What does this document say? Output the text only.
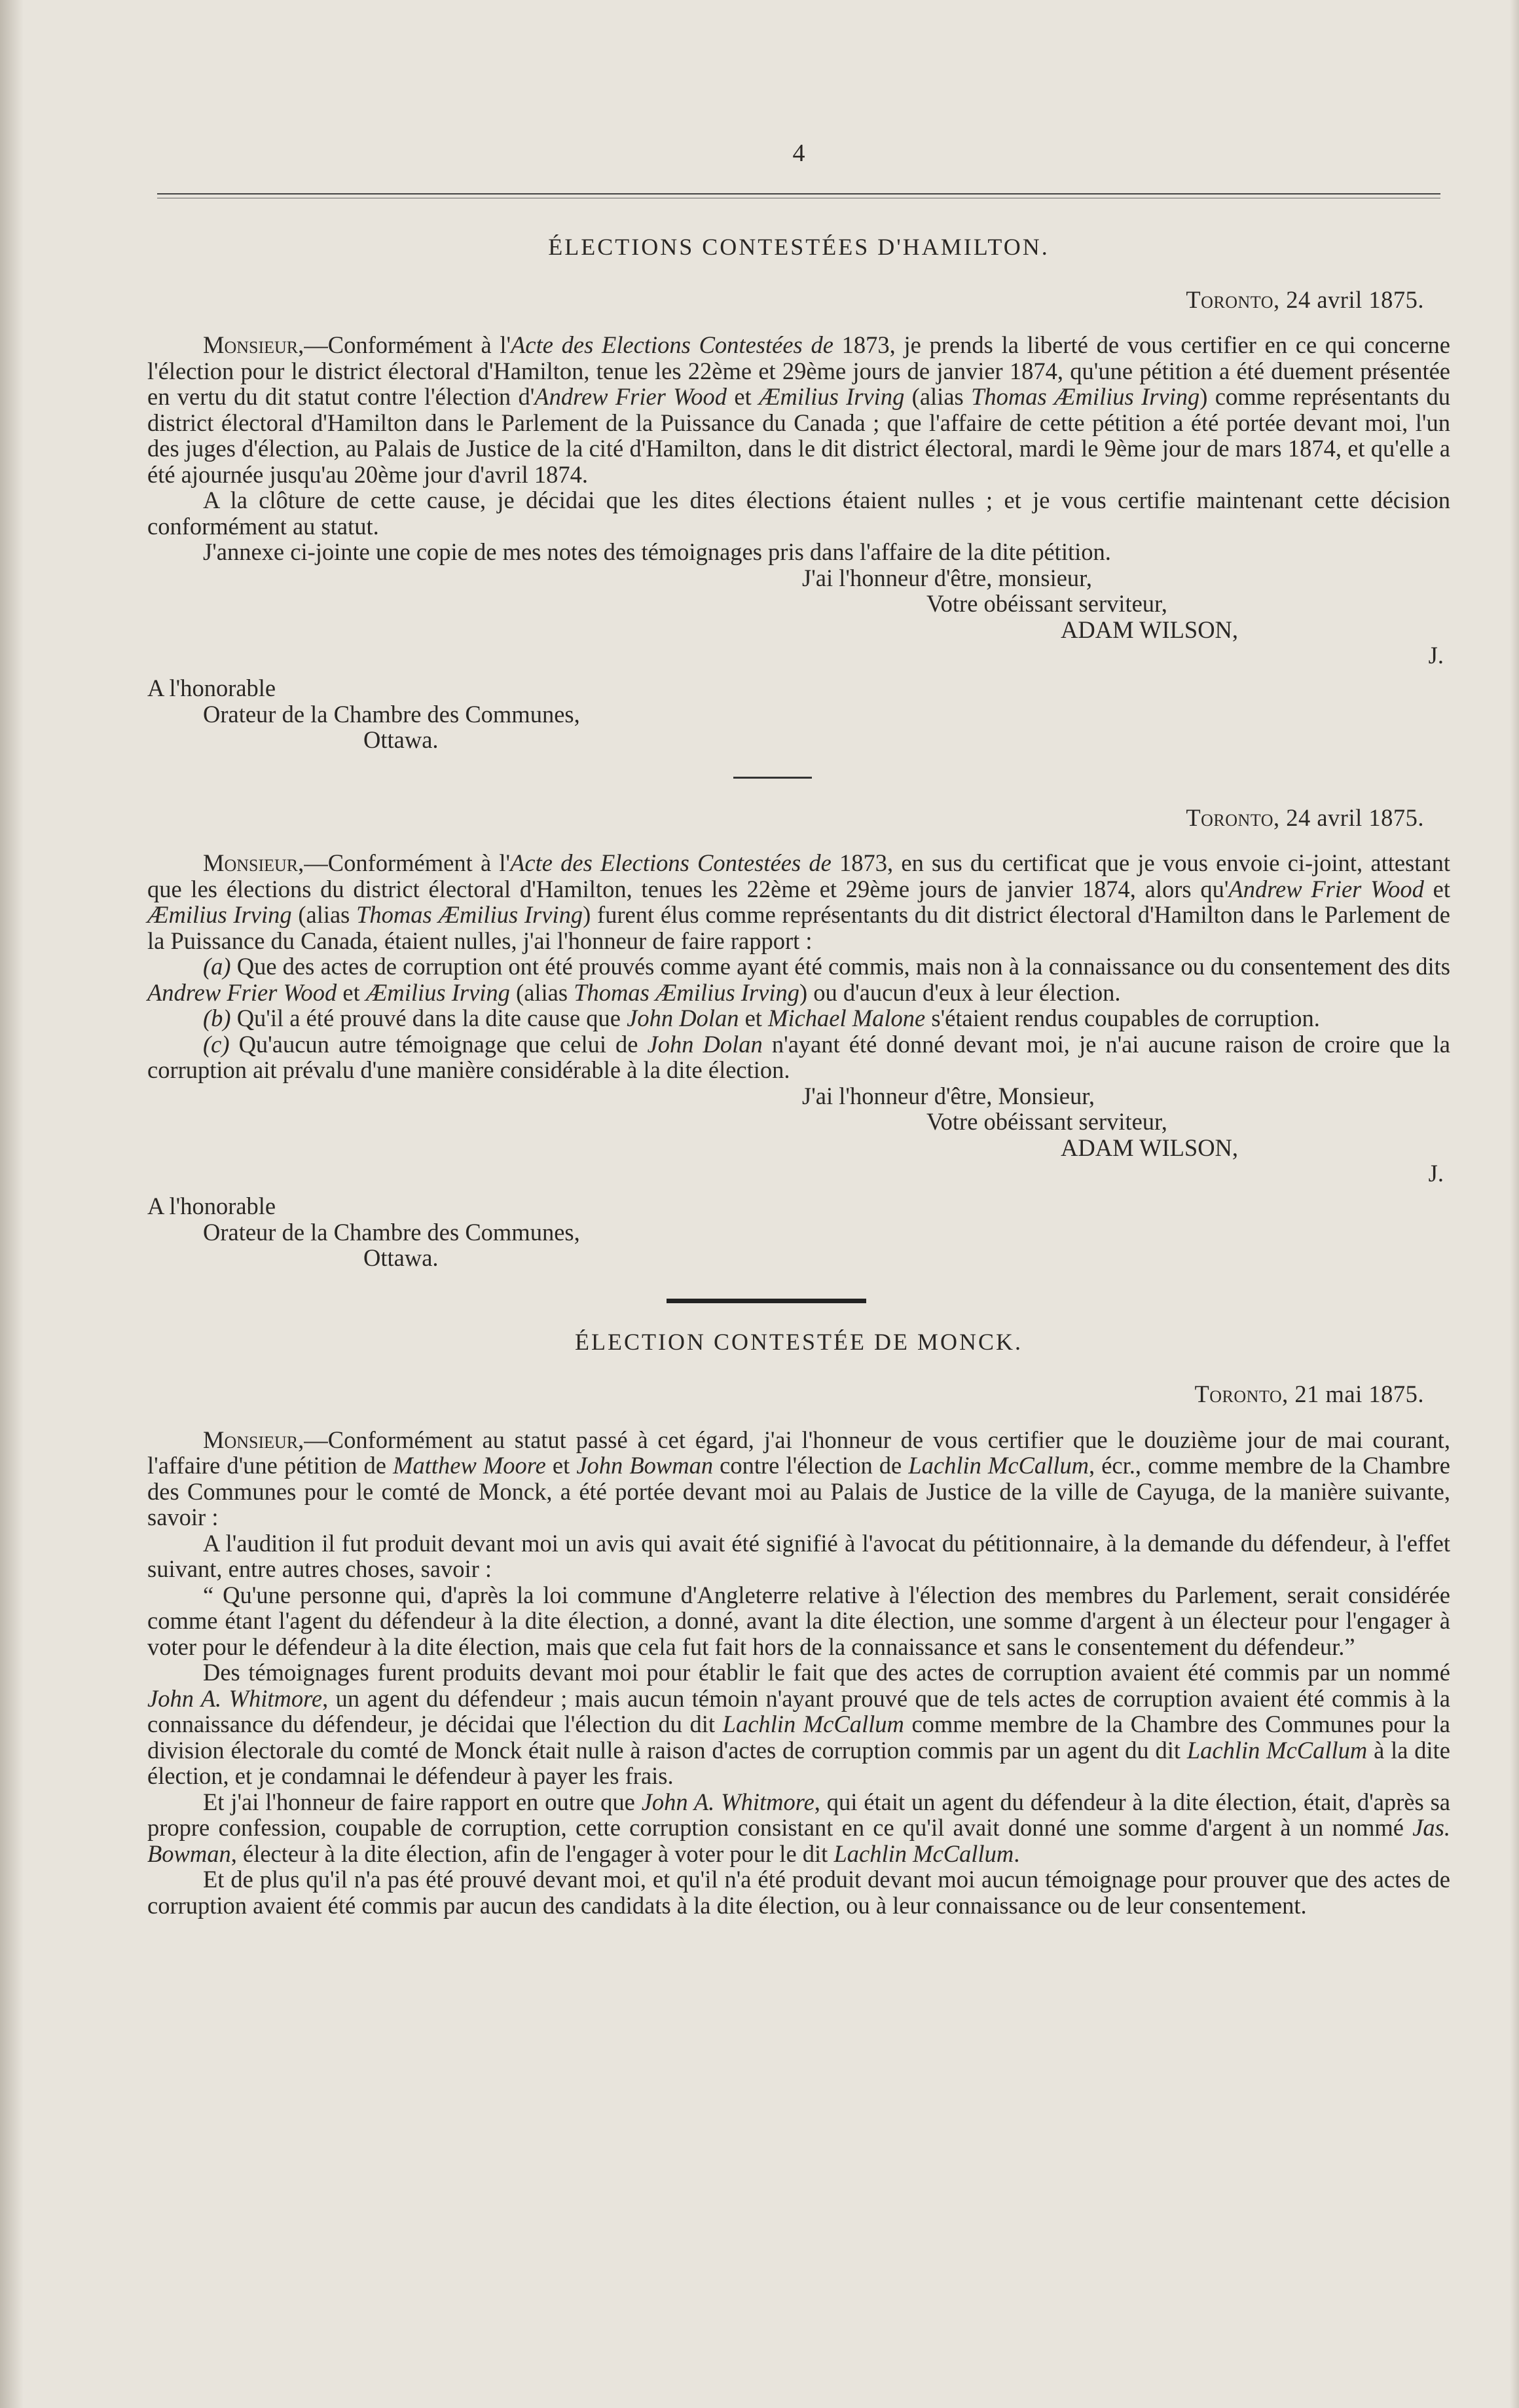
4
ÉLECTIONS CONTESTÉES D'HAMILTON.
Toronto, 24 avril 1875.

Monsieur,—Conformément à l'Acte des Elections Contestées de 1873, je prends la liberté de vous certifier en ce qui concerne l'élection pour le district électoral d'Hamilton, tenue les 22ème et 29ème jours de janvier 1874, qu'une pétition a été duement présentée en vertu du dit statut contre l'élection d'Andrew Frier Wood et Æmilius Irving (alias Thomas Æmilius Irving) comme représentants du district électoral d'Hamilton dans le Parlement de la Puissance du Canada ; que l'affaire de cette pétition a été portée devant moi, l'un des juges d'élection, au Palais de Justice de la cité d'Hamilton, dans le dit district électoral, mardi le 9ème jour de mars 1874, et qu'elle a été ajournée jusqu'au 20ème jour d'avril 1874.

A la clôture de cette cause, je décidai que les dites élections étaient nulles ; et je vous certifie maintenant cette décision conformément au statut.

J'annexe ci-jointe une copie de mes notes des témoignages pris dans l'affaire de la dite pétition.

J'ai l'honneur d'être, monsieur,
Votre obéissant serviteur,
ADAM WILSON,
J.
A l'honorable
Orateur de la Chambre des Communes,
Ottawa.
Toronto, 24 avril 1875.

Monsieur,—Conformément à l'Acte des Elections Contestées de 1873, en sus du certificat que je vous envoie ci-joint, attestant que les élections du district électoral d'Hamilton, tenues les 22ème et 29ème jours de janvier 1874, alors qu'Andrew Frier Wood et Æmilius Irving (alias Thomas Æmilius Irving) furent élus comme représentants du dit district électoral d'Hamilton dans le Parlement de la Puissance du Canada, étaient nulles, j'ai l'honneur de faire rapport :

(a) Que des actes de corruption ont été prouvés comme ayant été commis, mais non à la connaissance ou du consentement des dits Andrew Frier Wood et Æmilius Irving (alias Thomas Æmilius Irving) ou d'aucun d'eux à leur élection.

(b) Qu'il a été prouvé dans la dite cause que John Dolan et Michael Malone s'étaient rendus coupables de corruption.

(c) Qu'aucun autre témoignage que celui de John Dolan n'ayant été donné devant moi, je n'ai aucune raison de croire que la corruption ait prévalu d'une manière considérable à la dite élection.

J'ai l'honneur d'être, Monsieur,
Votre obéissant serviteur,
ADAM WILSON,
J.
A l'honorable
Orateur de la Chambre des Communes,
Ottawa.
ÉLECTION CONTESTÉE DE MONCK.
Toronto, 21 mai 1875.

Monsieur,—Conformément au statut passé à cet égard, j'ai l'honneur de vous certifier que le douzième jour de mai courant, l'affaire d'une pétition de Matthew Moore et John Bowman contre l'élection de Lachlin McCallum, écr., comme membre de la Chambre des Communes pour le comté de Monck, a été portée devant moi au Palais de Justice de la ville de Cayuga, de la manière suivante, savoir :

A l'audition il fut produit devant moi un avis qui avait été signifié à l'avocat du pétitionnaire, à la demande du défendeur, à l'effet suivant, entre autres choses, savoir :

“ Qu'une personne qui, d'après la loi commune d'Angleterre relative à l'élection des membres du Parlement, serait considérée comme étant l'agent du défendeur à la dite élection, a donné, avant la dite élection, une somme d'argent à un électeur pour l'engager à voter pour le défendeur à la dite élection, mais que cela fut fait hors de la connaissance et sans le consentement du défendeur.”

Des témoignages furent produits devant moi pour établir le fait que des actes de corruption avaient été commis par un nommé John A. Whitmore, un agent du défendeur ; mais aucun témoin n'ayant prouvé que de tels actes de corruption avaient été commis à la connaissance du défendeur, je décidai que l'élection du dit Lachlin McCallum comme membre de la Chambre des Communes pour la division électorale du comté de Monck était nulle à raison d'actes de corruption commis par un agent du dit Lachlin McCallum à la dite élection, et je condamnai le défendeur à payer les frais.

Et j'ai l'honneur de faire rapport en outre que John A. Whitmore, qui était un agent du défendeur à la dite élection, était, d'après sa propre confession, coupable de corruption, cette corruption consistant en ce qu'il avait donné une somme d'argent à un nommé Jas. Bowman, électeur à la dite élection, afin de l'engager à voter pour le dit Lachlin McCallum.

Et de plus qu'il n'a pas été prouvé devant moi, et qu'il n'a été produit devant moi aucun témoignage pour prouver que des actes de corruption avaient été commis par aucun des candidats à la dite élection, ou à leur connaissance ou de leur consentement.
